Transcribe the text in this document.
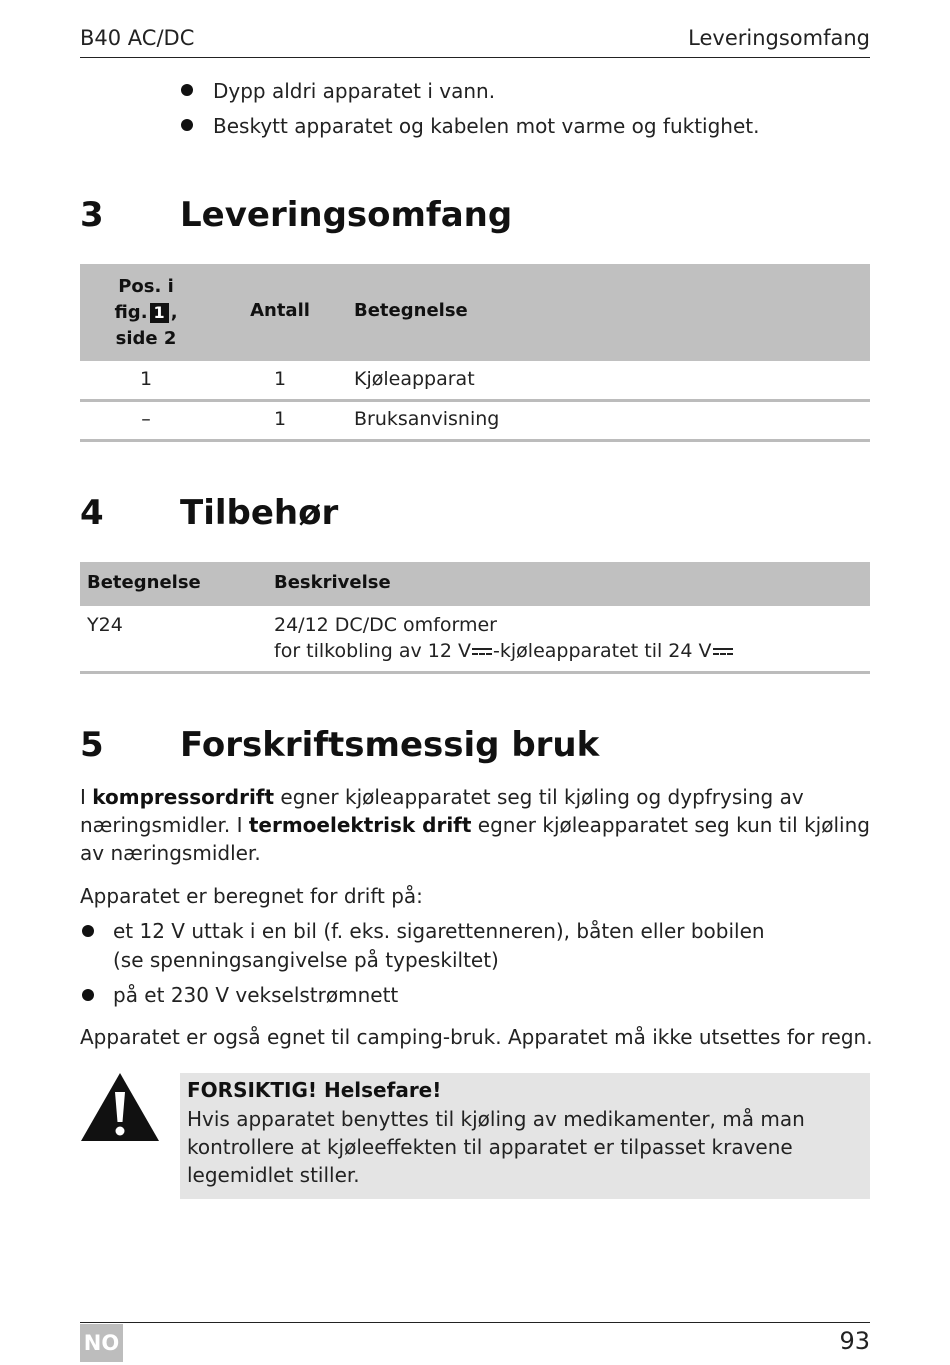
B40 AC/DC	Leveringsomfang
Dypp aldri apparatet i vann.
Beskytt apparatet og kabelen mot varme og fuktighet.
3 Leveringsomfang
Pos. i
fig. 1 ,
side 2
Antall	Betegnelse
1	1	Kjøleapparat
–	1	Bruksanvisning
4 Tilbehør
Betegnelse	Beskrivelse
Y24	24/12 DC/DC omformer
for tilkobling av 12 V -kjøleapparatet til 24 V
5 Forskriftsmessig bruk
I kompressordrift egner kjøleapparatet seg til kjøling og dypfrysing av
næringsmidler. I termoelektrisk drift egner kjøleapparatet seg kun til kjøling
av næringsmidler.
Apparatet er beregnet for drift på:
et 12 V uttak i en bil (f. eks. sigarettenneren), båten eller bobilen
(se spenningsangivelse på typeskiltet)
på et 230 V vekselstrømnett
Apparatet er også egnet til camping-bruk. Apparatet må ikke utsettes for regn.
FORSIKTIG! Helsefare!
Hvis apparatet benyttes til kjøling av medikamenter, må man
kontrollere at kjøleeffekten til apparatet er tilpasset kravene
legemidlet stiller.
NO	93
